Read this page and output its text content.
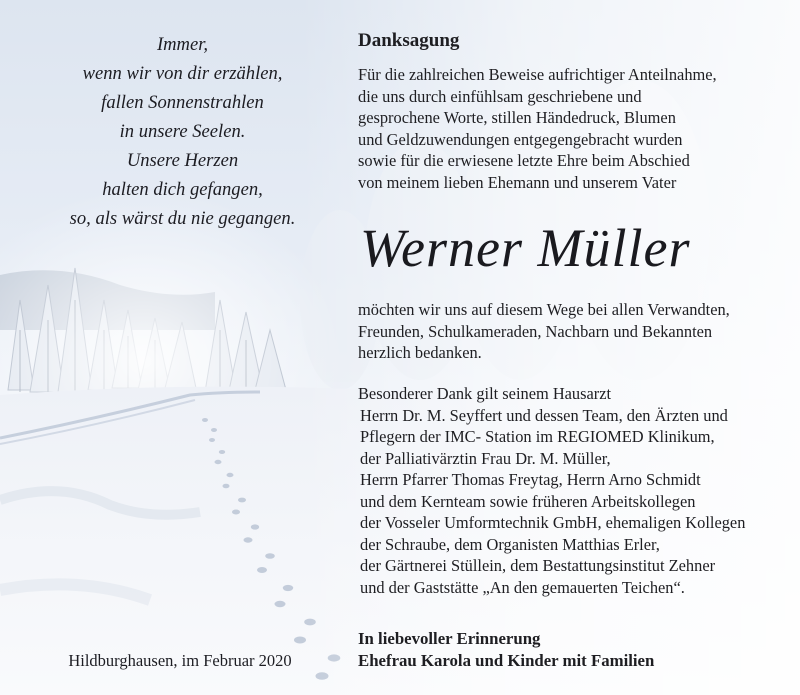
Immer,
wenn wir von dir erzählen,
fallen Sonnenstrahlen
in unsere Seelen.
Unsere Herzen
halten dich gefangen,
so, als wärst du nie gegangen.
Hildburghausen, im Februar 2020
Danksagung
Für die zahlreichen Beweise aufrichtiger Anteilnahme,
die uns durch einfühlsam geschriebene und
gesprochene Worte, stillen Händedruck, Blumen
und Geldzuwendungen entgegengebracht wurden
sowie für die erwiesene letzte Ehre beim Abschied
von meinem lieben Ehemann und unserem Vater
Werner Müller
möchten wir uns auf diesem Wege bei allen Verwandten,
Freunden, Schulkameraden, Nachbarn und Bekannten
herzlich bedanken.
Besonderer Dank gilt seinem Hausarzt
Herrn Dr. M. Seyffert und dessen Team, den Ärzten und
Pflegern der IMC- Station im REGIOMED Klinikum,
der Palliativärztin Frau Dr. M. Müller,
Herrn Pfarrer Thomas Freytag, Herrn Arno Schmidt
und dem Kernteam sowie früheren Arbeitskollegen
der Vosseler Umformtechnik GmbH, ehemaligen Kollegen
der Schraube, dem Organisten Matthias Erler,
der Gärtnerei Stüllein, dem Bestattungsinstitut Zehner
und der Gaststätte „An den gemauerten Teichen“.
In liebevoller Erinnerung
Ehefrau Karola und Kinder mit Familien
